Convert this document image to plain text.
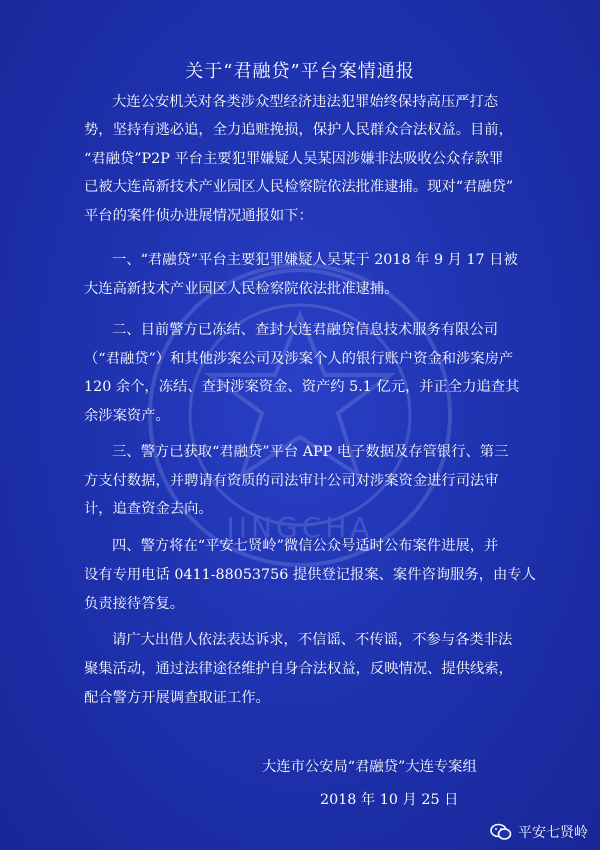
JINGCHA
关于“君融贷”平台案情通报
大连公安机关对各类涉众型经济违法犯罪始终保持高压严打态
势，坚持有逃必追，全力追赃挽损，保护人民群众合法权益。目前，
“君融贷”P2P 平台主要犯罪嫌疑人吴某因涉嫌非法吸收公众存款罪
已被大连高新技术产业园区人民检察院依法批准逮捕。现对“君融贷”
平台的案件侦办进展情况通报如下：
一、“君融贷”平台主要犯罪嫌疑人吴某于 2018 年 9 月 17 日被
大连高新技术产业园区人民检察院依法批准逮捕。
二、目前警方已冻结、查封大连君融贷信息技术服务有限公司
（“君融贷”）和其他涉案公司及涉案个人的银行账户资金和涉案房产
120 余个，冻结、查封涉案资金、资产约 5.1 亿元，并正全力追查其
余涉案资产。
三、警方已获取“君融贷”平台 APP 电子数据及存管银行、第三
方支付数据，并聘请有资质的司法审计公司对涉案资金进行司法审
计，追查资金去向。
四、警方将在“平安七贤岭”微信公众号适时公布案件进展，并
设有专用电话 0411-88053756 提供登记报案、案件咨询服务，由专人
负责接待答复。
请广大出借人依法表达诉求，不信谣、不传谣，不参与各类非法
聚集活动，通过法律途径维护自身合法权益，反映情况、提供线索，
配合警方开展调查取证工作。
大连市公安局“君融贷”大连专案组
2018 年 10 月 25 日
平安七贤岭
